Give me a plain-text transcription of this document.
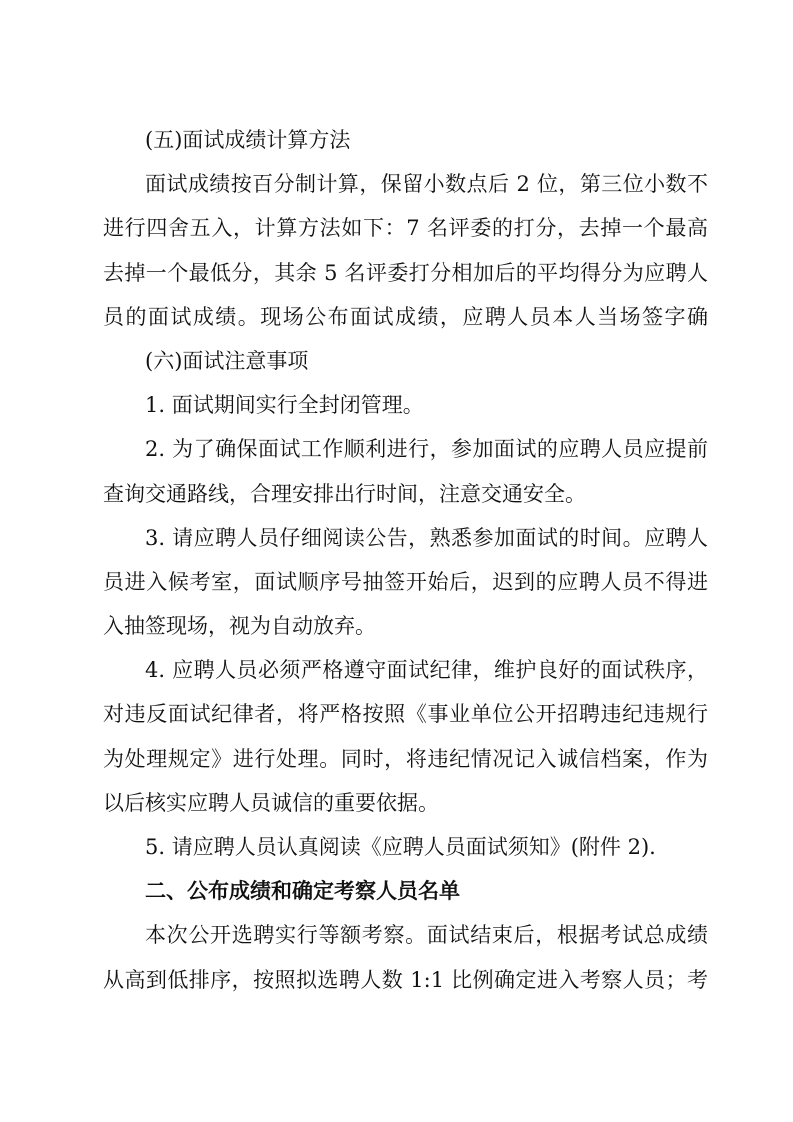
(五)面试成绩计算方法
面试成绩按百分制计算，保留小数点后 2 位，第三位小数不
进行四舍五入，计算方法如下：7 名评委的打分，去掉一个最高
去掉一个最低分，其余 5 名评委打分相加后的平均得分为应聘人
员的面试成绩。现场公布面试成绩，应聘人员本人当场签字确
(六)面试注意事项
1. 面试期间实行全封闭管理。
2. 为了确保面试工作顺利进行，参加面试的应聘人员应提前
查询交通路线，合理安排出行时间，注意交通安全。
3. 请应聘人员仔细阅读公告，熟悉参加面试的时间。应聘人
员进入候考室，面试顺序号抽签开始后，迟到的应聘人员不得进
入抽签现场，视为自动放弃。
4. 应聘人员必须严格遵守面试纪律，维护良好的面试秩序，
对违反面试纪律者，将严格按照《事业单位公开招聘违纪违规行
为处理规定》进行处理。同时，将违纪情况记入诚信档案，作为
以后核实应聘人员诚信的重要依据。
5. 请应聘人员认真阅读《应聘人员面试须知》(附件 2).
二、公布成绩和确定考察人员名单
本次公开选聘实行等额考察。面试结束后，根据考试总成绩
从高到低排序，按照拟选聘人数 1:1 比例确定进入考察人员；考
